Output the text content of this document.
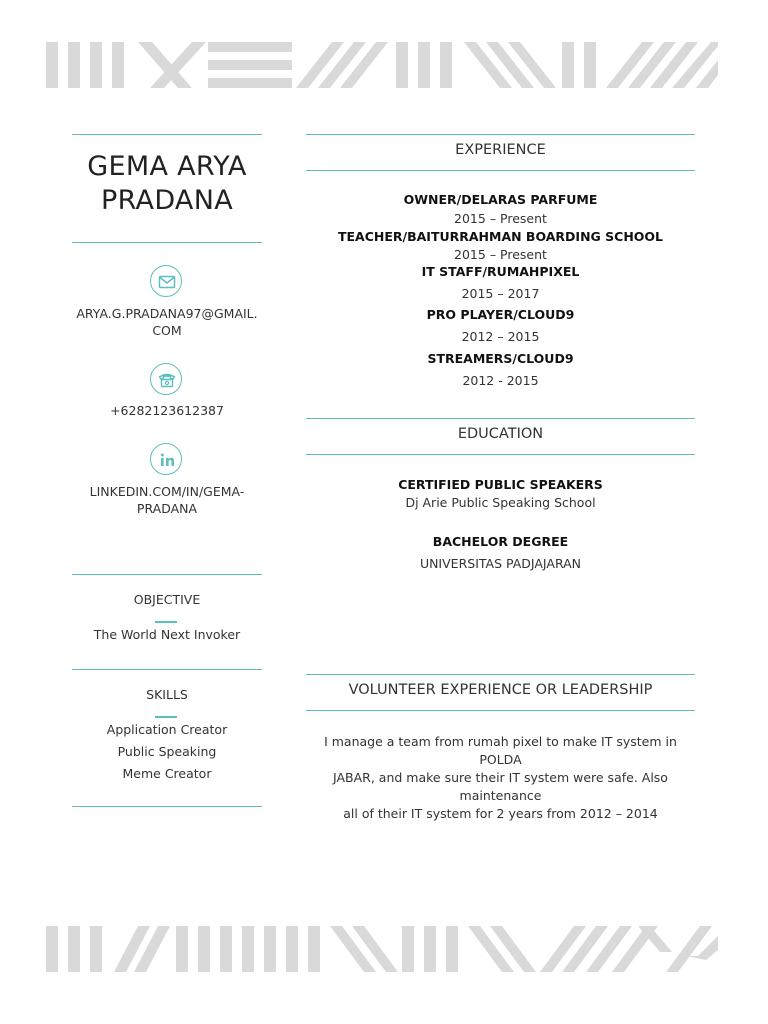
GEMA ARYA
PRADANA
ARYA.G.PRADANA97@GMAIL.
COM
+6282123612387
LINKEDIN.COM/IN/GEMA-
PRADANA
OBJECTIVE
The World Next Invoker
SKILLS
Application Creator
Public Speaking
Meme Creator
EXPERIENCE
OWNER/DELARAS PARFUME
2015 – Present
TEACHER/BAITURRAHMAN BOARDING SCHOOL
2015 – Present
IT STAFF/RUMAHPIXEL
2015 – 2017
PRO PLAYER/CLOUD9
2012 – 2015
STREAMERS/CLOUD9
2012 - 2015
EDUCATION
CERTIFIED PUBLIC SPEAKERS
Dj Arie Public Speaking School
BACHELOR DEGREE
UNIVERSITAS PADJAJARAN
VOLUNTEER EXPERIENCE OR LEADERSHIP
I manage a team from rumah pixel to make IT system in POLDA
JABAR, and make sure their IT system were safe. Also maintenance
all of their IT system for 2 years from 2012 – 2014
